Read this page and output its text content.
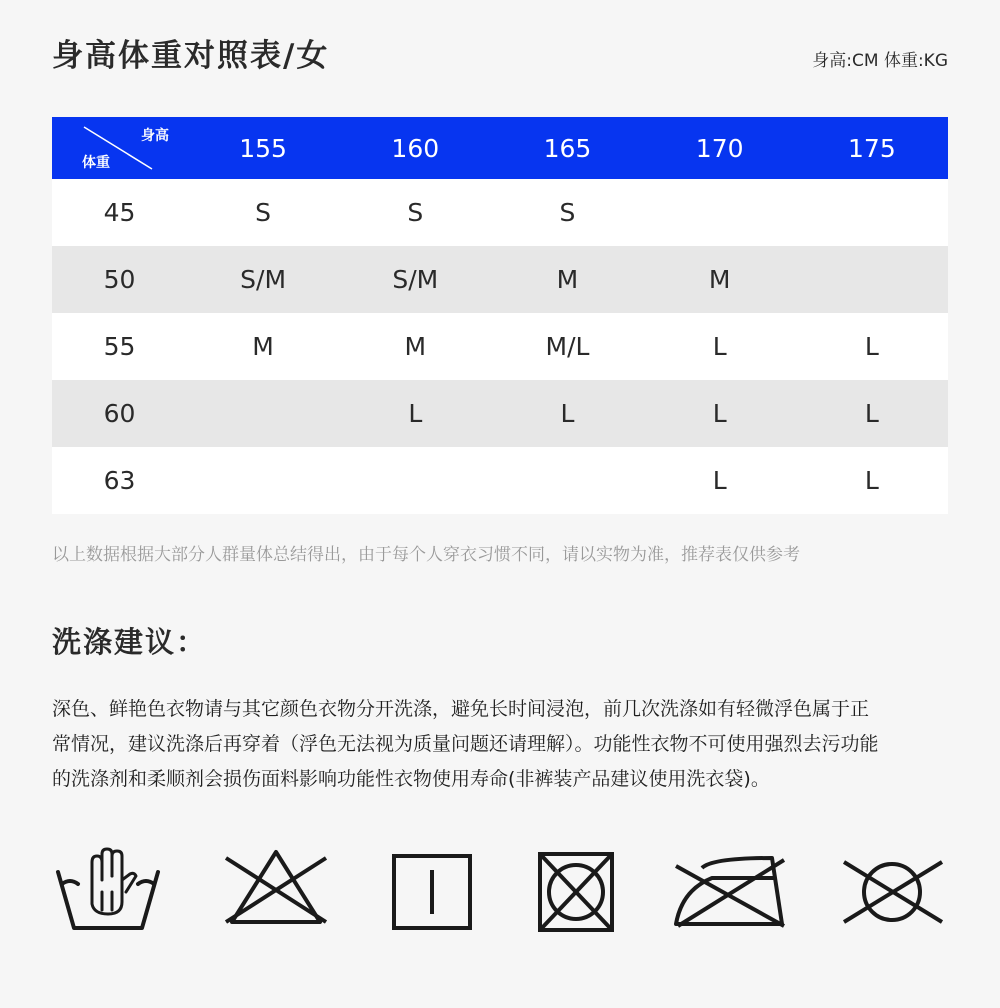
身高体重对照表/女	身高:CM 体重:KG
身高
体重	155	160	165	170	175
45	S	S	S		
50	S/M	S/M	M	M	
55	M	M	M/L	L	L
60		L	L	L	L
63				L	L
以上数据根据大部分人群量体总结得出，由于每个人穿衣习惯不同，请以实物为准，推荐表仅供参考
洗涤建议：
深色、鲜艳色衣物请与其它颜色衣物分开洗涤，避免长时间浸泡，前几次洗涤如有轻微浮色属于正
常情况，建议洗涤后再穿着（浮色无法视为质量问题还请理解）。功能性衣物不可使用强烈去污功能
的洗涤剂和柔顺剂会损伤面料影响功能性衣物使用寿命(非裤装产品建议使用洗衣袋)。
